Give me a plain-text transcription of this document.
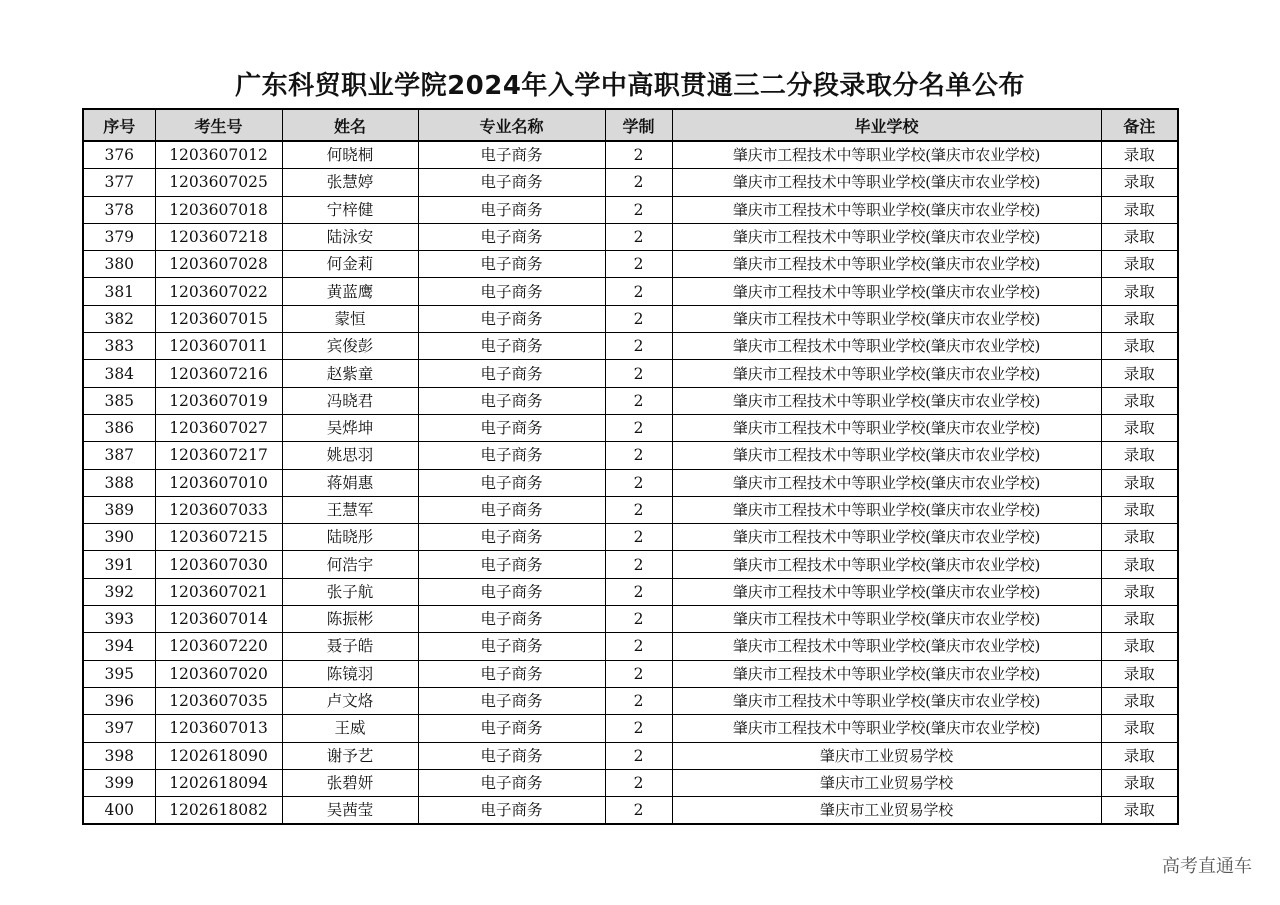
广东科贸职业学院2024年入学中高职贯通三二分段录取分名单公布
序号	考生号	姓名	专业名称	学制	毕业学校	备注
376	1203607012	何晓桐	电子商务	2	肇庆市工程技术中等职业学校(肇庆市农业学校)	录取
377	1203607025	张慧婷	电子商务	2	肇庆市工程技术中等职业学校(肇庆市农业学校)	录取
378	1203607018	宁梓健	电子商务	2	肇庆市工程技术中等职业学校(肇庆市农业学校)	录取
379	1203607218	陆泳安	电子商务	2	肇庆市工程技术中等职业学校(肇庆市农业学校)	录取
380	1203607028	何金莉	电子商务	2	肇庆市工程技术中等职业学校(肇庆市农业学校)	录取
381	1203607022	黄蓝鹰	电子商务	2	肇庆市工程技术中等职业学校(肇庆市农业学校)	录取
382	1203607015	蒙恒	电子商务	2	肇庆市工程技术中等职业学校(肇庆市农业学校)	录取
383	1203607011	宾俊彭	电子商务	2	肇庆市工程技术中等职业学校(肇庆市农业学校)	录取
384	1203607216	赵紫童	电子商务	2	肇庆市工程技术中等职业学校(肇庆市农业学校)	录取
385	1203607019	冯晓君	电子商务	2	肇庆市工程技术中等职业学校(肇庆市农业学校)	录取
386	1203607027	吴烨坤	电子商务	2	肇庆市工程技术中等职业学校(肇庆市农业学校)	录取
387	1203607217	姚思羽	电子商务	2	肇庆市工程技术中等职业学校(肇庆市农业学校)	录取
388	1203607010	蒋娟惠	电子商务	2	肇庆市工程技术中等职业学校(肇庆市农业学校)	录取
389	1203607033	王慧军	电子商务	2	肇庆市工程技术中等职业学校(肇庆市农业学校)	录取
390	1203607215	陆晓彤	电子商务	2	肇庆市工程技术中等职业学校(肇庆市农业学校)	录取
391	1203607030	何浩宇	电子商务	2	肇庆市工程技术中等职业学校(肇庆市农业学校)	录取
392	1203607021	张子航	电子商务	2	肇庆市工程技术中等职业学校(肇庆市农业学校)	录取
393	1203607014	陈振彬	电子商务	2	肇庆市工程技术中等职业学校(肇庆市农业学校)	录取
394	1203607220	聂子皓	电子商务	2	肇庆市工程技术中等职业学校(肇庆市农业学校)	录取
395	1203607020	陈镜羽	电子商务	2	肇庆市工程技术中等职业学校(肇庆市农业学校)	录取
396	1203607035	卢文烙	电子商务	2	肇庆市工程技术中等职业学校(肇庆市农业学校)	录取
397	1203607013	王威	电子商务	2	肇庆市工程技术中等职业学校(肇庆市农业学校)	录取
398	1202618090	谢予艺	电子商务	2	肇庆市工业贸易学校	录取
399	1202618094	张碧妍	电子商务	2	肇庆市工业贸易学校	录取
400	1202618082	吴茜莹	电子商务	2	肇庆市工业贸易学校	录取
高考直通车
